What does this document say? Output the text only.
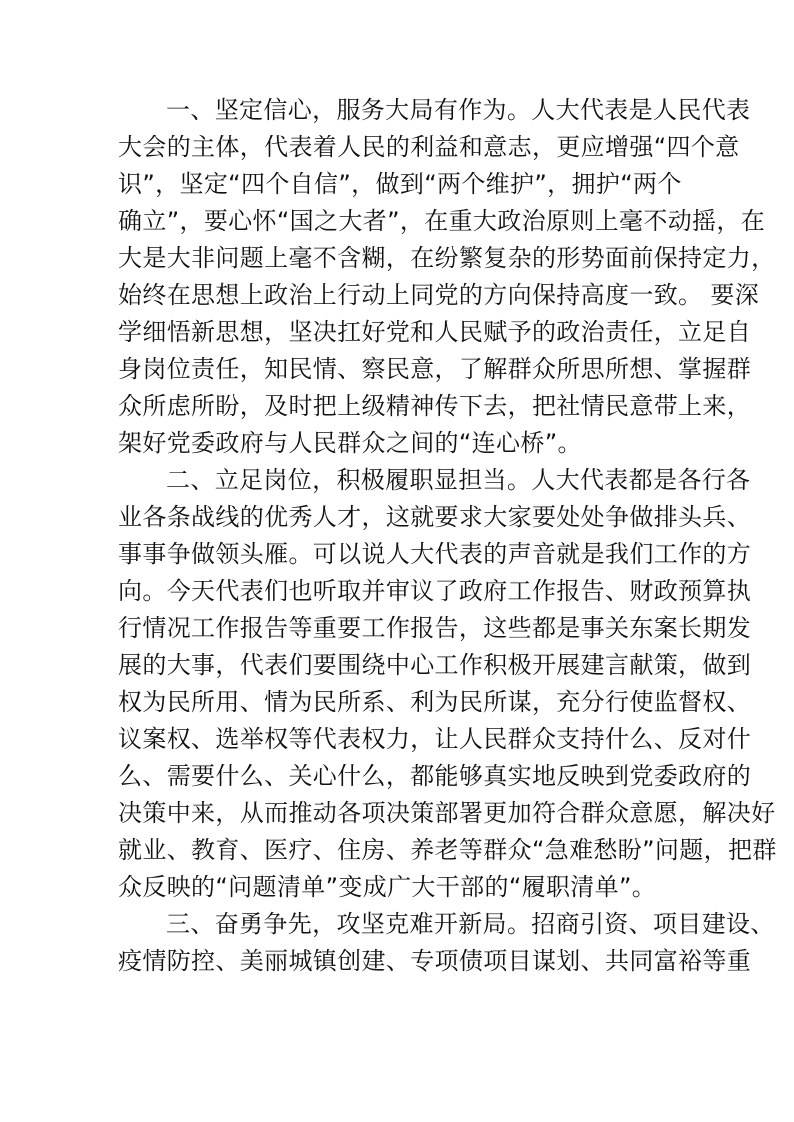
一、坚定信心，服务大局有作为。人大代表是人民代表
大会的主体，代表着人民的利益和意志，更应增强“四个意
识”，坚定“四个自信”，做到“两个维护”，拥护“两个
确立”，要心怀“国之大者”，在重大政治原则上毫不动摇，在
大是大非问题上毫不含糊，在纷繁复杂的形势面前保持定力，
始终在思想上政治上行动上同党的方向保持高度一致。 要深
学细悟新思想，坚决扛好党和人民赋予的政治责任，立足自
身岗位责任，知民情、察民意，了解群众所思所想、掌握群
众所虑所盼，及时把上级精神传下去，把社情民意带上来，
架好党委政府与人民群众之间的“连心桥”。
二、立足岗位，积极履职显担当。人大代表都是各行各
业各条战线的优秀人才，这就要求大家要处处争做排头兵、
事事争做领头雁。可以说人大代表的声音就是我们工作的方
向。今天代表们也听取并审议了政府工作报告、财政预算执
行情况工作报告等重要工作报告，这些都是事关东案长期发
展的大事，代表们要围绕中心工作积极开展建言献策，做到
权为民所用、情为民所系、利为民所谋，充分行使监督权、
议案权、选举权等代表权力，让人民群众支持什么、反对什
么、需要什么、关心什么，都能够真实地反映到党委政府的
决策中来，从而推动各项决策部署更加符合群众意愿，解决好
就业、教育、医疗、住房、养老等群众“急难愁盼”问题，把群
众反映的“问题清单”变成广大干部的“履职清单”。
三、奋勇争先，攻坚克难开新局。招商引资、项目建设、
疫情防控、美丽城镇创建、专项债项目谋划、共同富裕等重
